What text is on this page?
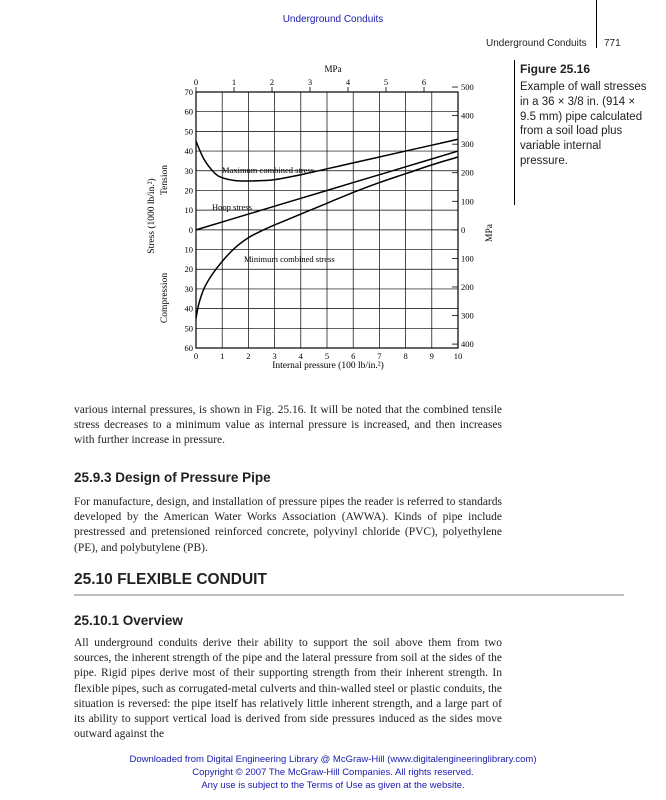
Underground Conduits
Underground Conduits 771
0	1	2	3	4	5	6	7	8	9 10
70
60
50
40
30
20
10
0
10
20
30
40
50
60
0	1	2	3	4	5	6
500
400
300
200
100
0
100
200
300
400
MPa
Internal pressure (100 lb/in.²)
Stress (1000 lb/in.²) Tension
Compression
MPa
Maximum combined stress
Hoop stress
Minimum combined stress
Figure 25.16
Example of wall stresses in a 36 × 3/8 in. (914 × 9.5 mm) pipe calculated from a soil load plus variable internal pressure.
various internal pressures, is shown in Fig. 25.16. It will be noted that the combined tensile stress decreases to a minimum value as internal pressure is increased, and then increases with further increase in pressure.
25.9.3 Design of Pressure Pipe
For manufacture, design, and installation of pressure pipes the reader is referred to standards developed by the American Water Works Association (AWWA). Kinds of pipe include prestressed and pretensioned reinforced concrete, polyvinyl chloride (PVC), polyethylene (PE), and polybutylene (PB).
25.10 FLEXIBLE CONDUIT
25.10.1 Overview
All underground conduits derive their ability to support the soil above them from two sources, the inherent strength of the pipe and the lateral pressure from soil at the sides of the pipe. Rigid pipes derive most of their supporting strength from their inherent strength. In flexible pipes, such as corrugated-metal culverts and thin-walled steel or plastic conduits, the situation is reversed: the pipe itself has relatively little inherent strength, and a large part of its ability to support vertical load is derived from side pressures induced as the sides move outward against the
Downloaded from Digital Engineering Library @ McGraw-Hill (www.digitalengineeringlibrary.com)
Copyright © 2007 The McGraw-Hill Companies. All rights reserved.
Any use is subject to the Terms of Use as given at the website.
